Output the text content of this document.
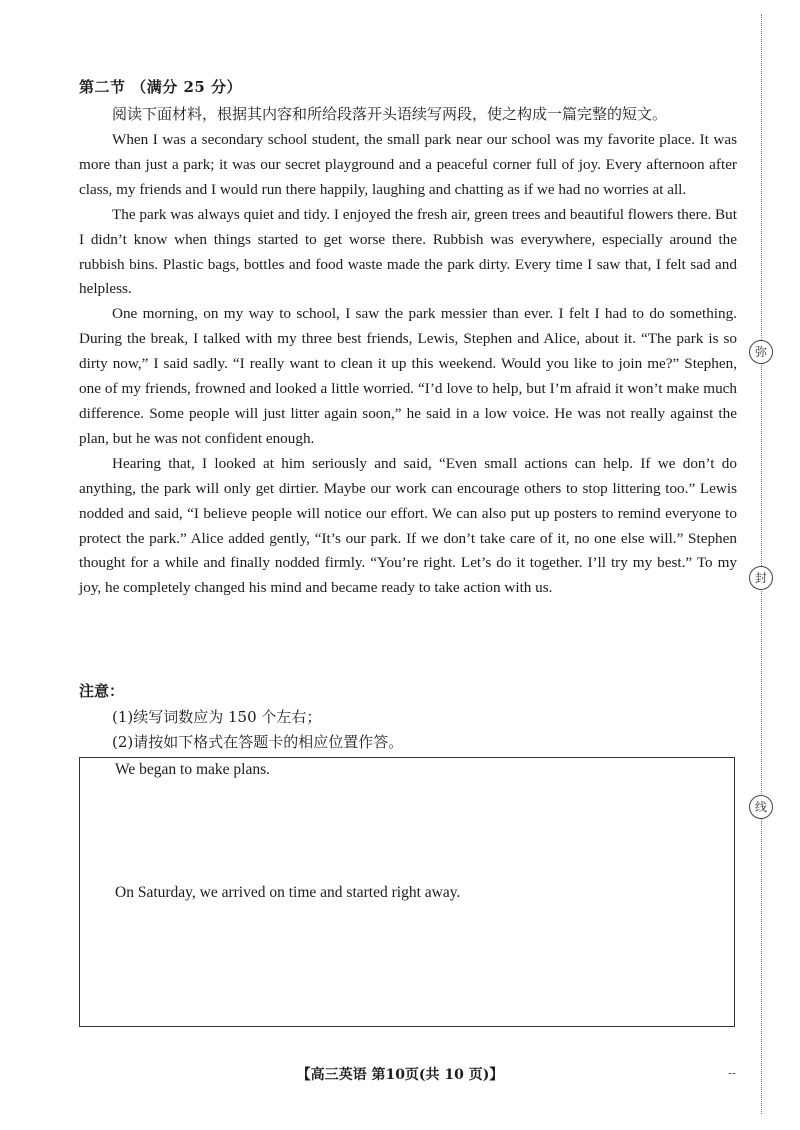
第二节 （满分 25 分）
阅读下面材料，根据其内容和所给段落开头语续写两段，使之构成一篇完整的短文。

When I was a secondary school student, the small park near our school was my favorite place. It was more than just a park; it was our secret playground and a peaceful corner full of joy. Every afternoon after class, my friends and I would run there happily, laughing and chatting as if we had no worries at all.

The park was always quiet and tidy. I enjoyed the fresh air, green trees and beautiful flowers there. But I didn’t know when things started to get worse there. Rubbish was everywhere, especially around the rubbish bins. Plastic bags, bottles and food waste made the park dirty. Every time I saw that, I felt sad and helpless.

One morning, on my way to school, I saw the park messier than ever. I felt I had to do something. During the break, I talked with my three best friends, Lewis, Stephen and Alice, about it. “The park is so dirty now,” I said sadly. “I really want to clean it up this weekend. Would you like to join me?” Stephen, one of my friends, frowned and looked a little worried. “I’d love to help, but I’m afraid it won’t make much difference. Some people will just litter again soon,” he said in a low voice. He was not really against the plan, but he was not confident enough.

Hearing that, I looked at him seriously and said, “Even small actions can help. If we don’t do anything, the park will only get dirtier. Maybe our work can encourage others to stop littering too.” Lewis nodded and said, “I believe people will notice our effort. We can also put up posters to remind everyone to protect the park.” Alice added gently, “It’s our park. If we don’t take care of it, no one else will.” Stephen thought for a while and finally nodded firmly. “You’re right. Let’s do it together. I’ll try my best.” To my joy, he completely changed his mind and became ready to take action with us.

注意：
(1)续写词数应为 150 个左右；
(2)请按如下格式在答题卡的相应位置作答。
We began to make plans.
On Saturday, we arrived on time and started right away.
【高三英语 第10页(共 10 页)】	--
弥
封
线
